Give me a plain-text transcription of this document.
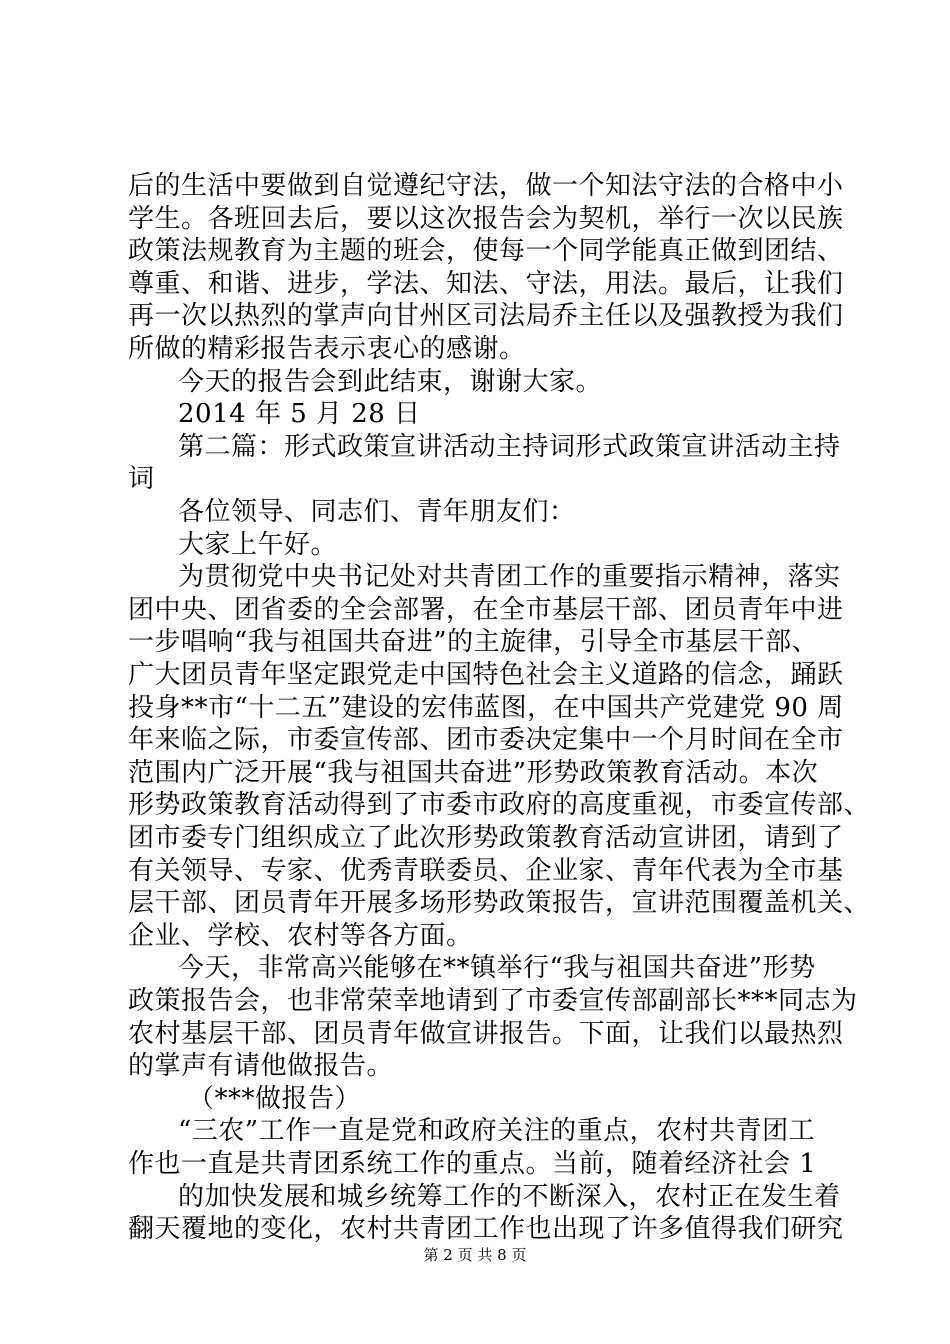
后的生活中要做到自觉遵纪守法，做一个知法守法的合格中小
学生。各班回去后，要以这次报告会为契机，举行一次以民族
政策法规教育为主题的班会，使每一个同学能真正做到团结、
尊重、和谐、进步，学法、知法、守法，用法。最后，让我们
再一次以热烈的掌声向甘州区司法局乔主任以及强教授为我们
所做的精彩报告表示衷心的感谢。
今天的报告会到此结束，谢谢大家。
2014 年 5 月 28 日
第二篇：形式政策宣讲活动主持词形式政策宣讲活动主持
词
各位领导、同志们、青年朋友们：
大家上午好。
为贯彻党中央书记处对共青团工作的重要指示精神，落实
团中央、团省委的全会部署，在全市基层干部、团员青年中进
一步唱响“我与祖国共奋进”的主旋律，引导全市基层干部、
广大团员青年坚定跟党走中国特色社会主义道路的信念，踊跃
投身**市“十二五”建设的宏伟蓝图，在中国共产党建党 90 周
年来临之际，市委宣传部、团市委决定集中一个月时间在全市
范围内广泛开展“我与祖国共奋进”形势政策教育活动。本次
形势政策教育活动得到了市委市政府的高度重视，市委宣传部、
团市委专门组织成立了此次形势政策教育活动宣讲团，请到了
有关领导、专家、优秀青联委员、企业家、青年代表为全市基
层干部、团员青年开展多场形势政策报告，宣讲范围覆盖机关、
企业、学校、农村等各方面。
今天，非常高兴能够在**镇举行“我与祖国共奋进”形势
政策报告会，也非常荣幸地请到了市委宣传部副部长***同志为
农村基层干部、团员青年做宣讲报告。下面，让我们以最热烈
的掌声有请他做报告。
（***做报告）
“三农”工作一直是党和政府关注的重点，农村共青团工
作也一直是共青团系统工作的重点。当前，随着经济社会 1
的加快发展和城乡统筹工作的不断深入，农村正在发生着
翻天覆地的变化，农村共青团工作也出现了许多值得我们研究
第 2 页 共 8 页
